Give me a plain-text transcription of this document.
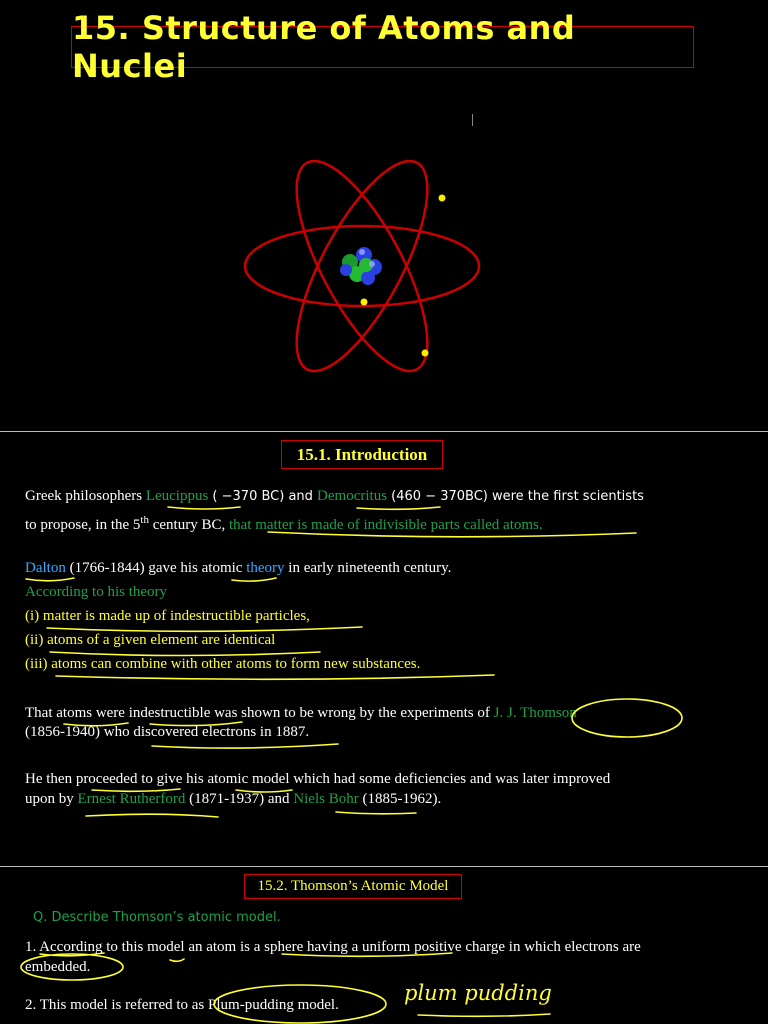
15. Structure of Atoms and Nuclei
15.1. Introduction
Greek philosophers Leucippus ( −370 BC) and Democritus (460 − 370BC) were the first scientists
to propose, in the 5th century BC, that matter is made of indivisible parts called atoms.
Dalton (1766-1844) gave his atomic theory in early nineteenth century.
According to his theory
(i) matter is made up of indestructible particles,
(ii) atoms of a given element are identical
(iii) atoms can combine with other atoms to form new substances.
That atoms were indestructible was shown to be wrong by the experiments of J. J. Thomson
(1856-1940) who discovered electrons in 1887.
He then proceeded to give his atomic model which had some deficiencies and was later improved
upon by Ernest Rutherford (1871-1937) and Niels Bohr (1885-1962).
15.2. Thomson’s Atomic Model
Q. Describe Thomson’s atomic model.
1. According to this model an atom is a sphere having a uniform positive charge in which electrons are
embedded.
2. This model is referred to as Plum-pudding model.	plum pudding
